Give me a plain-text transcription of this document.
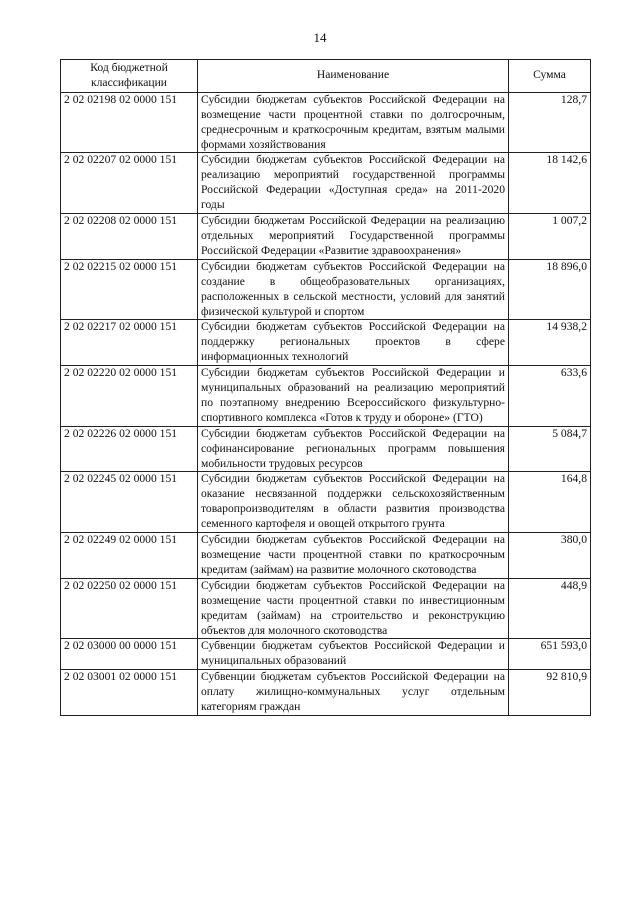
14
Код бюджетной классификации	Наименование	Сумма
2 02 02198 02 0000 151	Субсидии бюджетам субъектов Российской Федерации на возмещение части процентной ставки по долгосрочным, среднесрочным и краткосрочным кредитам, взятым малыми формами хозяйствования	128,7
2 02 02207 02 0000 151	Субсидии бюджетам субъектов Российской Федерации на реализацию мероприятий государственной программы Российской Федерации «Доступная среда» на 2011-2020 годы	18 142,6
2 02 02208 02 0000 151	Субсидии бюджетам Российской Федерации на реализацию отдельных мероприятий Государственной программы Российской Федерации «Развитие здравоохранения»	1 007,2
2 02 02215 02 0000 151	Субсидии бюджетам субъектов Российской Федерации на создание в общеобразовательных организациях, расположенных в сельской местности, условий для занятий физической культурой и спортом	18 896,0
2 02 02217 02 0000 151	Субсидии бюджетам субъектов Российской Федерации на поддержку региональных проектов в сфере информационных технологий	14 938,2
2 02 02220 02 0000 151	Субсидии бюджетам субъектов Российской Федерации и муниципальных образований на реализацию мероприятий по поэтапному внедрению Всероссийского физкультурно-спортивного комплекса «Готов к труду и обороне» (ГТО)	633,6
2 02 02226 02 0000 151	Субсидии бюджетам субъектов Российской Федерации на софинансирование региональных программ повышения мобильности трудовых ресурсов	5 084,7
2 02 02245 02 0000 151	Субсидии бюджетам субъектов Российской Федерации на оказание несвязанной поддержки сельскохозяйственным товаропроизводителям в области развития производства семенного картофеля и овощей открытого грунта	164,8
2 02 02249 02 0000 151	Субсидии бюджетам субъектов Российской Федерации на возмещение части процентной ставки по краткосрочным кредитам (займам) на развитие молочного скотоводства	380,0
2 02 02250 02 0000 151	Субсидии бюджетам субъектов Российской Федерации на возмещение части процентной ставки по инвестиционным кредитам (займам) на строительство и реконструкцию объектов для молочного скотоводства	448,9
2 02 03000 00 0000 151	Субвенции бюджетам субъектов Российской Федерации и муниципальных образований	651 593,0
2 02 03001 02 0000 151	Субвенции бюджетам субъектов Российской Федерации на оплату жилищно-коммунальных услуг отдельным категориям граждан	92 810,9
